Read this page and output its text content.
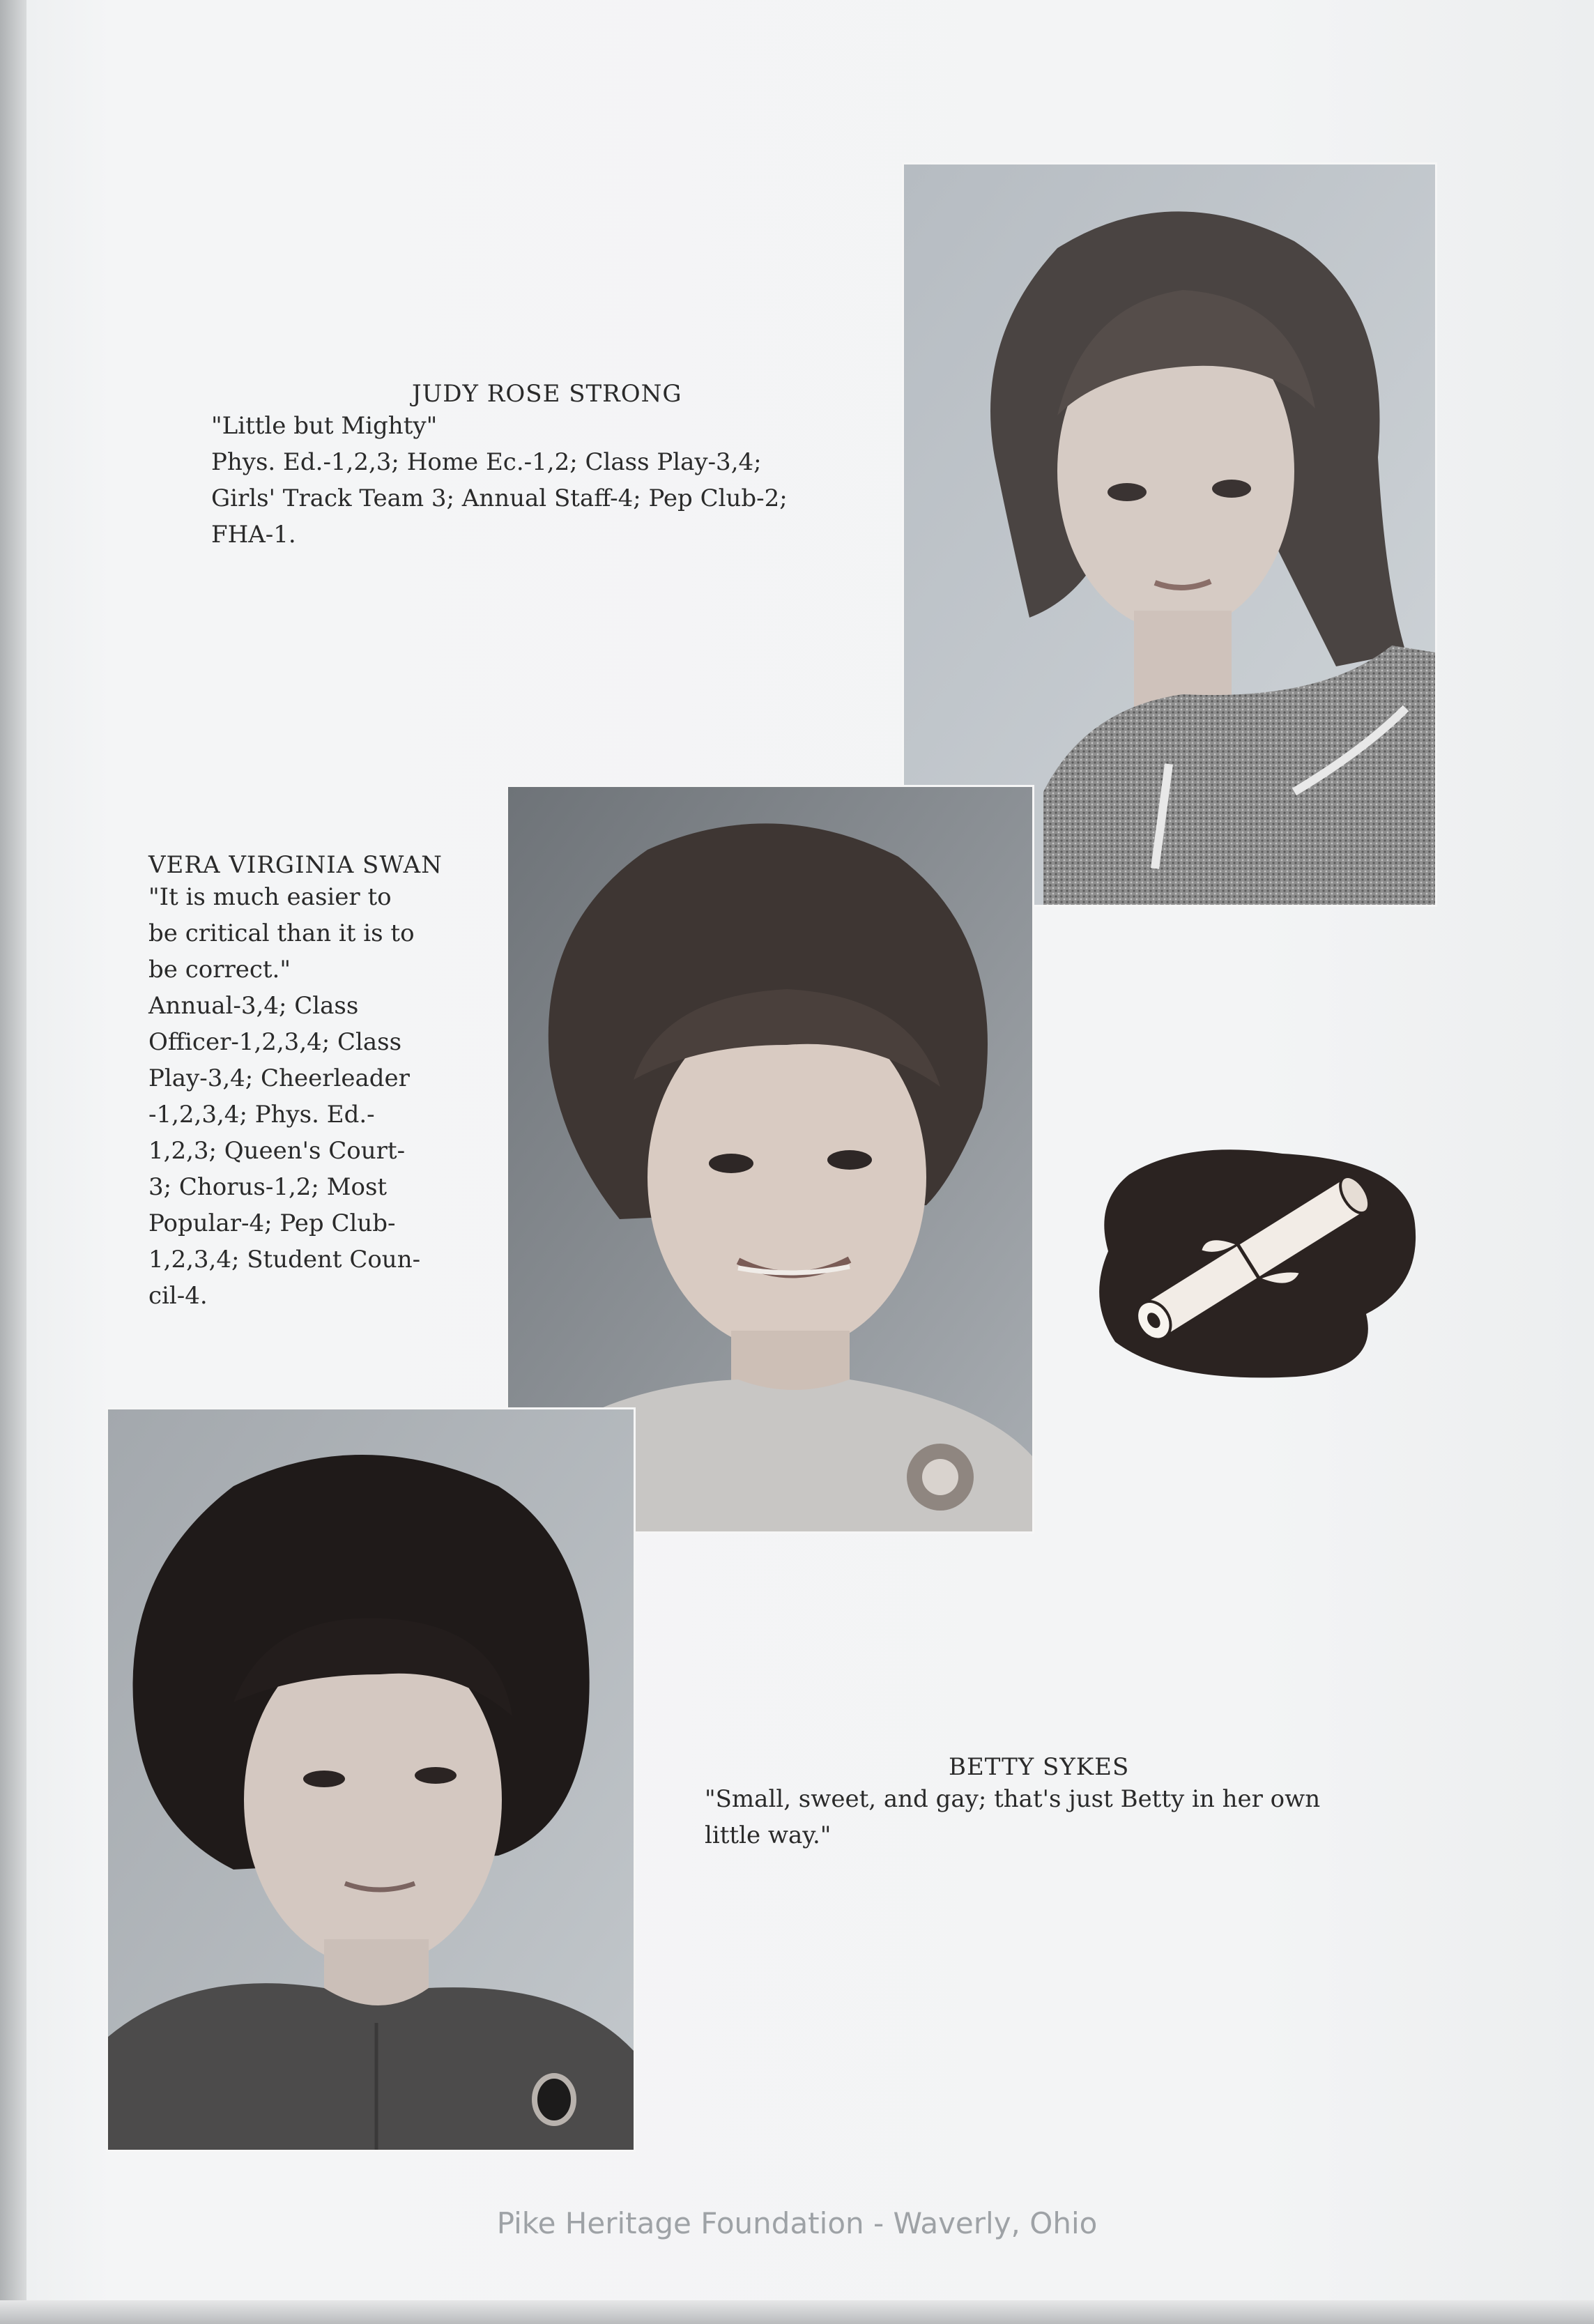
JUDY ROSE STRONG
"Little but Mighty"
Phys. Ed.-1,2,3; Home Ec.-1,2; Class Play-3,4;
Girls' Track Team 3; Annual Staff-4; Pep Club-2;
FHA-1.
VERA VIRGINIA SWAN
"It is much easier to
be critical than it is to
be correct."
Annual-3,4; Class
Officer-1,2,3,4; Class
Play-3,4; Cheerleader
-1,2,3,4; Phys. Ed.-
1,2,3; Queen's Court-
3; Chorus-1,2; Most
Popular-4; Pep Club-
1,2,3,4; Student Coun-
cil-4.
BETTY SYKES
"Small, sweet, and gay; that's just Betty in her own
little way."
Pike Heritage Foundation - Waverly, Ohio
